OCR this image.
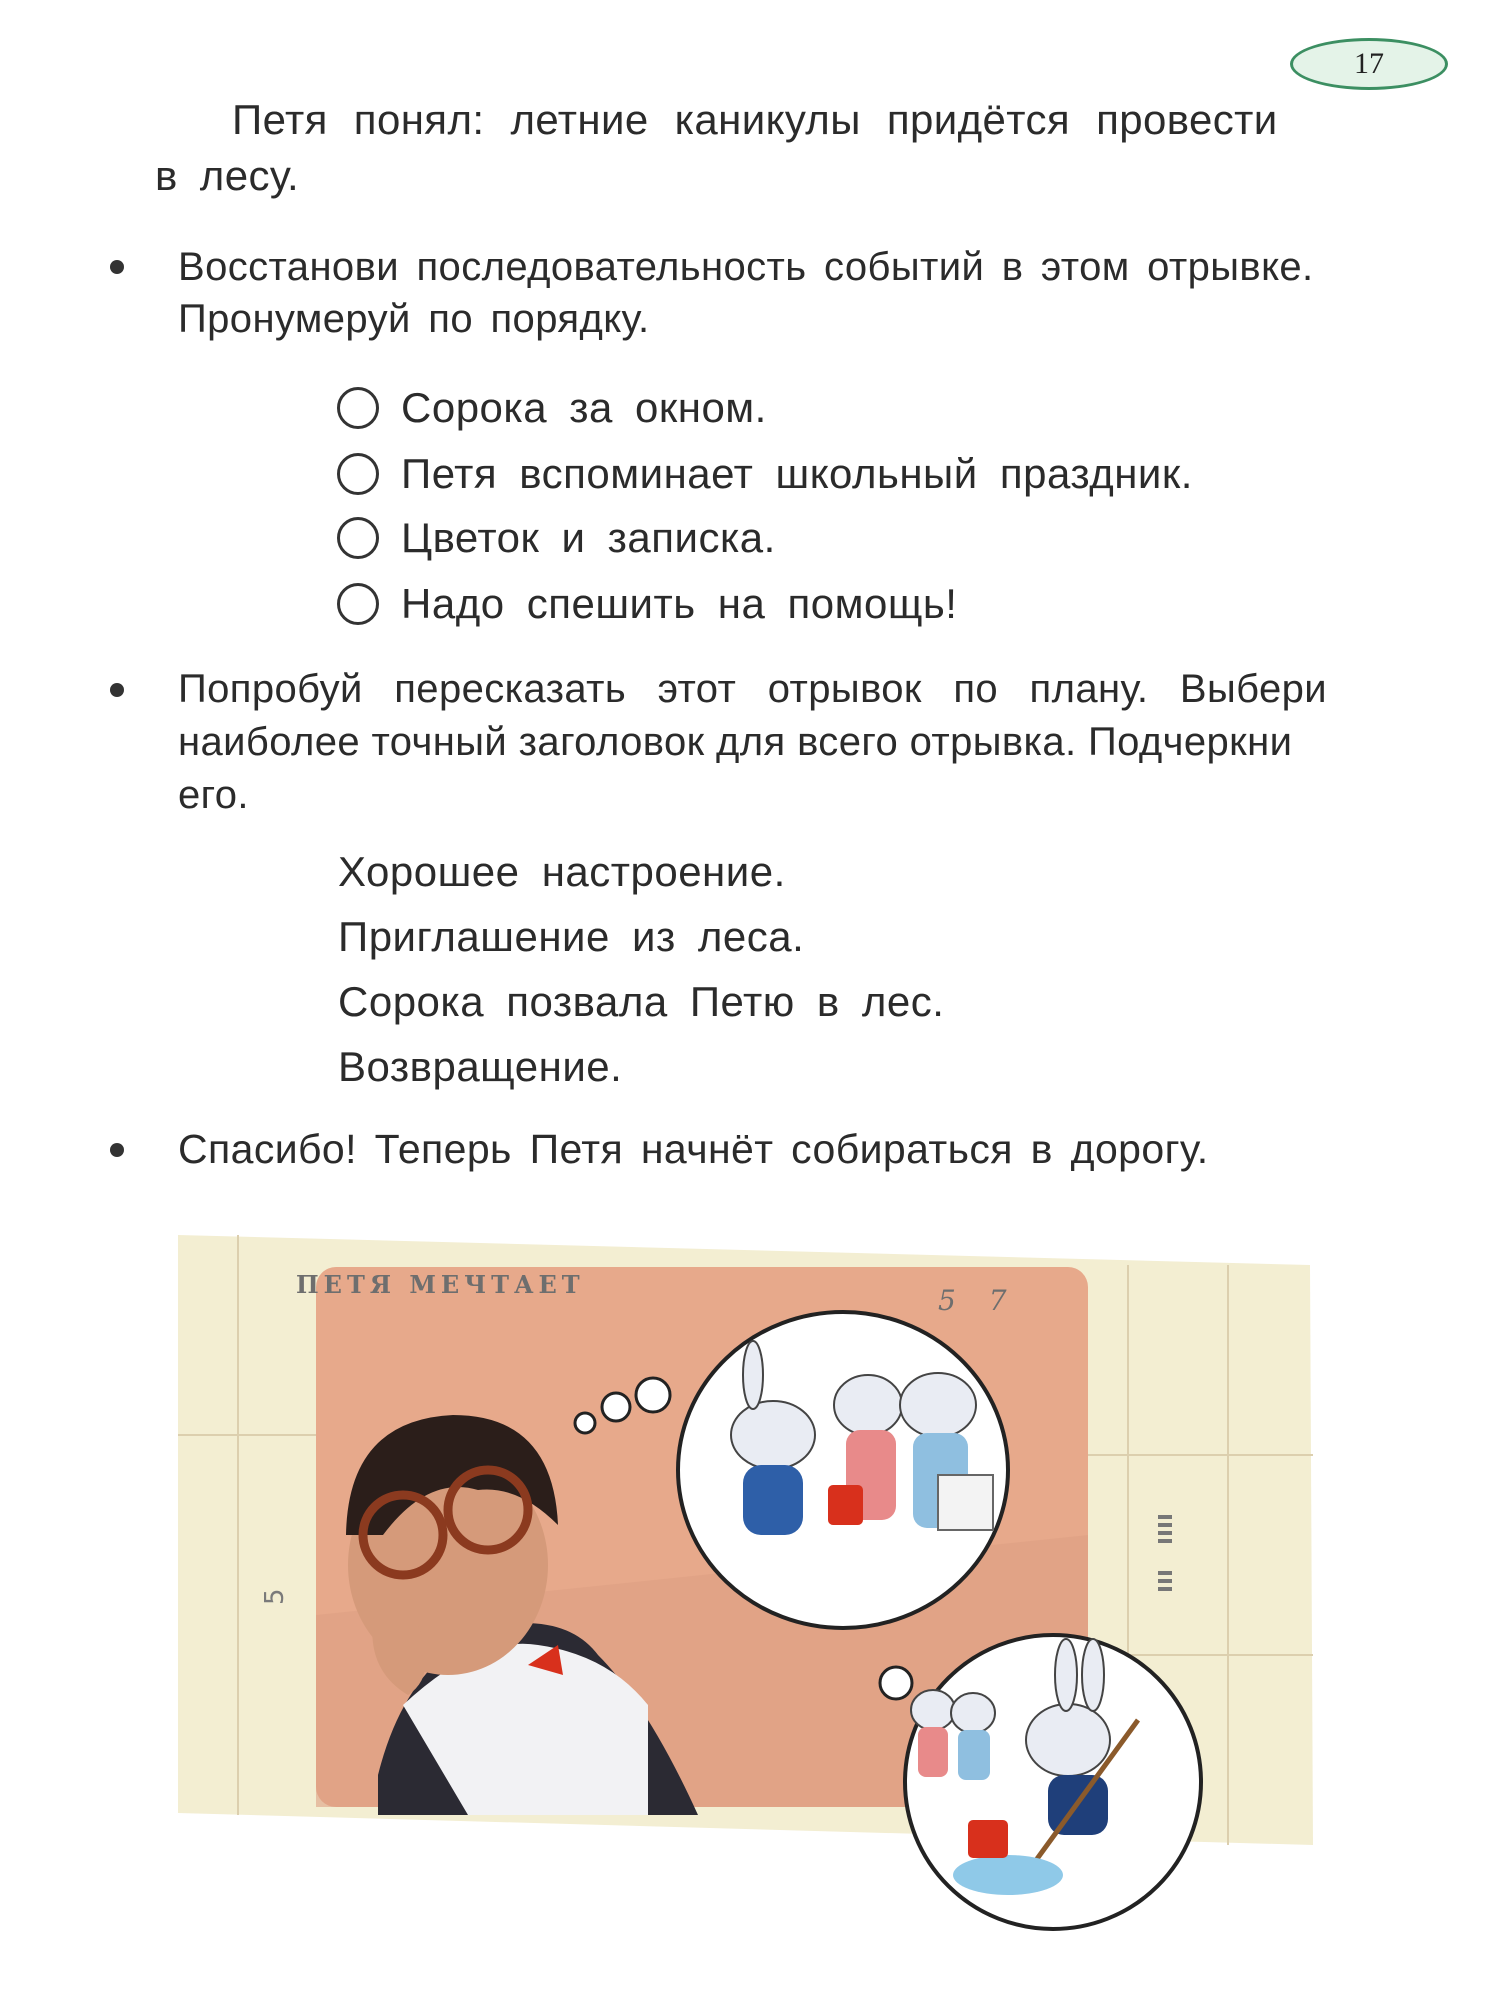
17

Петя понял: летние каникулы придётся провести

в лесу.

Восстанови последовательность событий в этом отрывке.

Пронумеруй по порядку.

Сорока за окном.
Петя вспоминает школьный праздник.
Цветок и записка.
Надо спешить на помощь!

Попробуй пересказать этот отрывок по плану. Выбери

наиболее точный заголовок для всего отрывка. Подчеркни

его.

Хорошее настроение.
Приглашение из леса.
Сорока позвала Петю в лес.
Возвращение.

Спасибо! Теперь Петя начнёт собираться в дорогу.

ПЕТЯ МЕЧТАЕТ	5 7
5
